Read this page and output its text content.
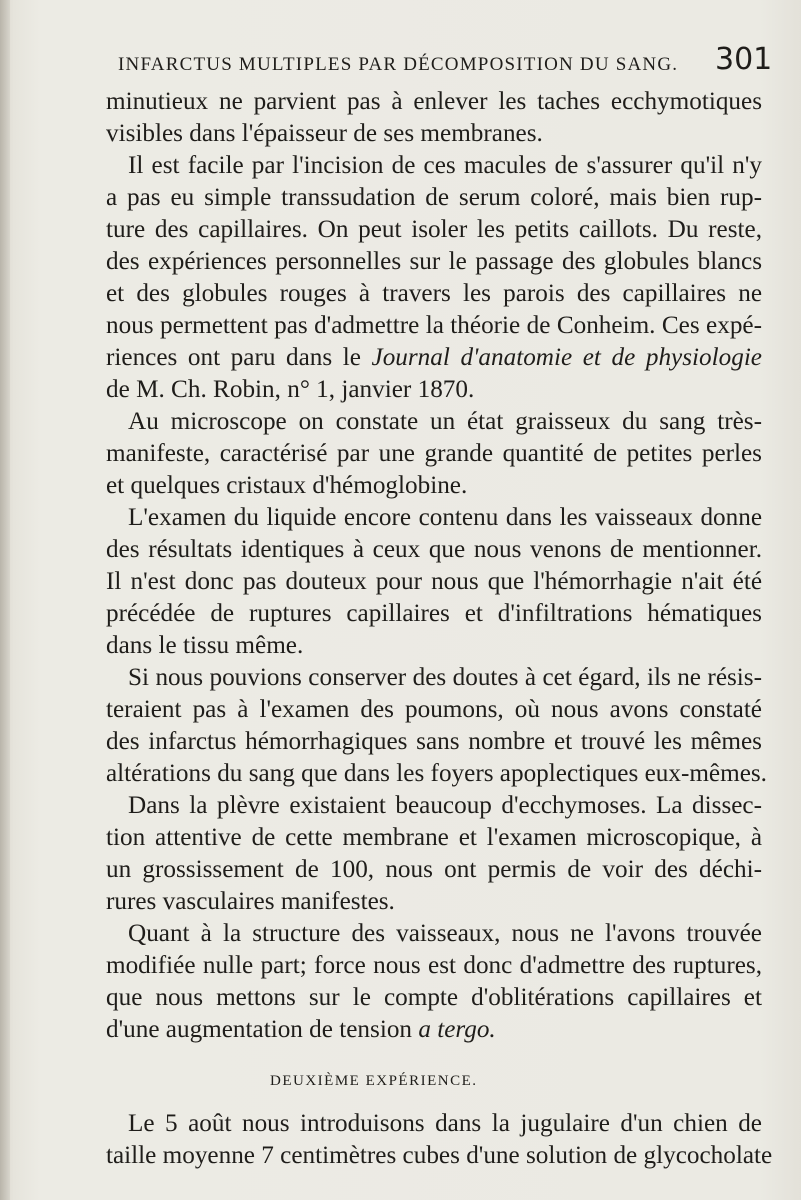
INFARCTUS MULTIPLES PAR DÉCOMPOSITION DU SANG. 301
minutieux ne parvient pas à enlever les taches ecchymotiques
visibles dans l'épaisseur de ses membranes.
Il est facile par l'incision de ces macules de s'assurer qu'il n'y
a pas eu simple transsudation de serum coloré, mais bien rup-
ture des capillaires. On peut isoler les petits caillots. Du reste,
des expériences personnelles sur le passage des globules blancs
et des globules rouges à travers les parois des capillaires ne
nous permettent pas d'admettre la théorie de Conheim. Ces expé-
riences ont paru dans le Journal d'anatomie et de physiologie
de M. Ch. Robin, n° 1, janvier 1870.
Au microscope on constate un état graisseux du sang très-
manifeste, caractérisé par une grande quantité de petites perles
et quelques cristaux d'hémoglobine.
L'examen du liquide encore contenu dans les vaisseaux donne
des résultats identiques à ceux que nous venons de mentionner.
Il n'est donc pas douteux pour nous que l'hémorrhagie n'ait été
précédée de ruptures capillaires et d'infiltrations hématiques
dans le tissu même.
Si nous pouvions conserver des doutes à cet égard, ils ne résis-
teraient pas à l'examen des poumons, où nous avons constaté
des infarctus hémorrhagiques sans nombre et trouvé les mêmes
altérations du sang que dans les foyers apoplectiques eux-mêmes.
Dans la plèvre existaient beaucoup d'ecchymoses. La dissec-
tion attentive de cette membrane et l'examen microscopique, à
un grossissement de 100, nous ont permis de voir des déchi-
rures vasculaires manifestes.
Quant à la structure des vaisseaux, nous ne l'avons trouvée
modifiée nulle part; force nous est donc d'admettre des ruptures,
que nous mettons sur le compte d'oblitérations capillaires et
d'une augmentation de tension a tergo.
DEUXIÈME EXPÉRIENCE.
Le 5 août nous introduisons dans la jugulaire d'un chien de
taille moyenne 7 centimètres cubes d'une solution de glycocholate
